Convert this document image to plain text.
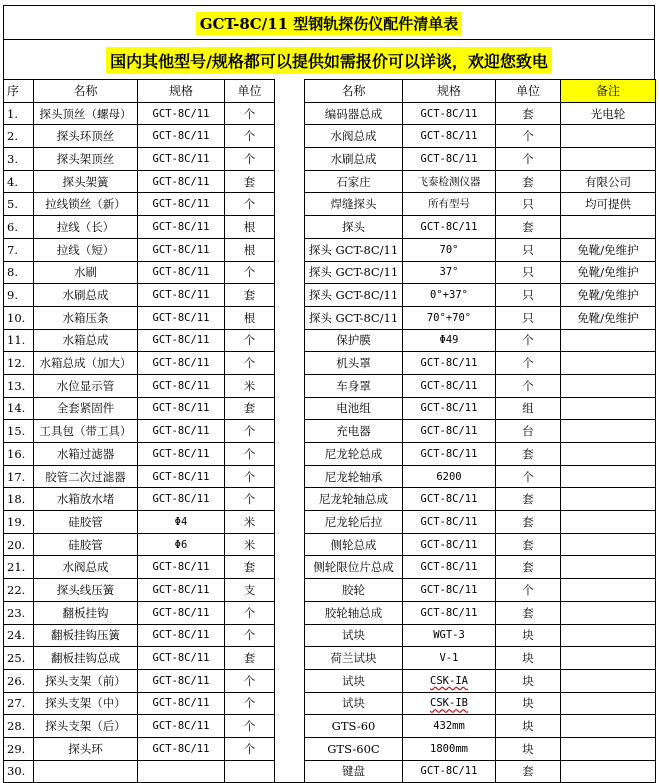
GCT-8C/11 型钢轨探伤仪配件清单表
国内其他型号/规格都可以提供如需报价可以详谈，欢迎您致电
序	名称	规格	单位		名称	规格	单位	备注
1.	探头顶丝（螺母）	GCT-8C/11	个		编码器总成	GCT-8C/11	套	光电轮
2.	探头环顶丝	GCT-8C/11	个		水阀总成	GCT-8C/11	个	
3.	探头架顶丝	GCT-8C/11	个		水刷总成	GCT-8C/11	个	
4.	探头架簧	GCT-8C/11	套		石家庄	飞泰检测仪器	套	有限公司
5.	拉线锁丝（新）	GCT-8C/11	个		焊缝探头	所有型号	只	均可提供
6.	拉线（长）	GCT-8C/11	根		探头	GCT-8C/11	套	
7.	拉线（短）	GCT-8C/11	根		探头 GCT-8C/11	70°	只	免靴/免维护
8.	水刷	GCT-8C/11	个		探头 GCT-8C/11	37°	只	免靴/免维护
9.	水刷总成	GCT-8C/11	套		探头 GCT-8C/11	0°+37°	只	免靴/免维护
10.	水箱压条	GCT-8C/11	根		探头 GCT-8C/11	70°+70°	只	免靴/免维护
11.	水箱总成	GCT-8C/11	个		保护膜	Φ49	个	
12.	水箱总成（加大）	GCT-8C/11	个		机头罩	GCT-8C/11	个	
13.	水位显示管	GCT-8C/11	米		车身罩	GCT-8C/11	个	
14.	全套紧固件	GCT-8C/11	套		电池组	GCT-8C/11	组	
15.	工具包（带工具）	GCT-8C/11	个		充电器	GCT-8C/11	台	
16.	水箱过滤器	GCT-8C/11	个		尼龙轮总成	GCT-8C/11	套	
17.	胶管二次过滤器	GCT-8C/11	个		尼龙轮轴承	6200	个	
18.	水箱放水堵	GCT-8C/11	个		尼龙轮轴总成	GCT-8C/11	套	
19.	硅胶管	Φ4	米		尼龙轮后拉	GCT-8C/11	套	
20.	硅胶管	Φ6	米		侧轮总成	GCT-8C/11	套	
21.	水阀总成	GCT-8C/11	套		侧轮限位片总成	GCT-8C/11	套	
22.	探头线压簧	GCT-8C/11	支		胶轮	GCT-8C/11	个	
23.	翻板挂钩	GCT-8C/11	个		胶轮轴总成	GCT-8C/11	套	
24.	翻板挂钩压簧	GCT-8C/11	个		试块	WGT-3	块	
25.	翻板挂钩总成	GCT-8C/11	套		荷兰试块	V-1	块	
26.	探头支架（前）	GCT-8C/11	个		试块	CSK-IA	块	
27.	探头支架（中）	GCT-8C/11	个		试块	CSK-IB	块	
28.	探头支架（后）	GCT-8C/11	个		GTS-60	432mm	块	
29.	探头环	GCT-8C/11	个		GTS-60C	1800mm	块	
30.					键盘	GCT-8C/11	套	
